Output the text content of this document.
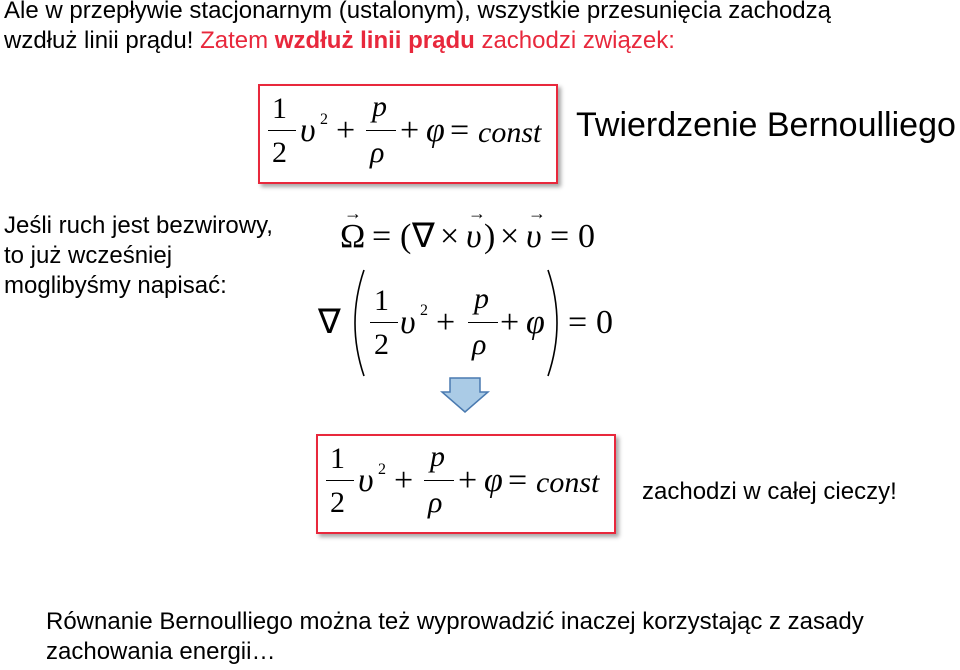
Ale w przepływie stacjonarnym (ustalonym), wszystkie przesunięcia zachodzą
wzdłuż linii prądu! Zatem wzdłuż linii prądu zachodzi związek:
1
2
υ 2 +
p
ρ
+ φ = const Twierdzenie Bernoulliego
Jeśli ruch jest bezwirowy,
to już wcześniej
moglibyśmy napisać:
Ω
→
= ( ∇ × υ
→
) × υ
→
= 0
∇
1
2
υ 2 +
p
ρ
+ φ = 0
1
2
υ 2 +
p
ρ
+ φ = const zachodzi w całej cieczy!
Równanie Bernoulliego można też wyprowadzić inaczej korzystając z zasady
zachowania energii…
